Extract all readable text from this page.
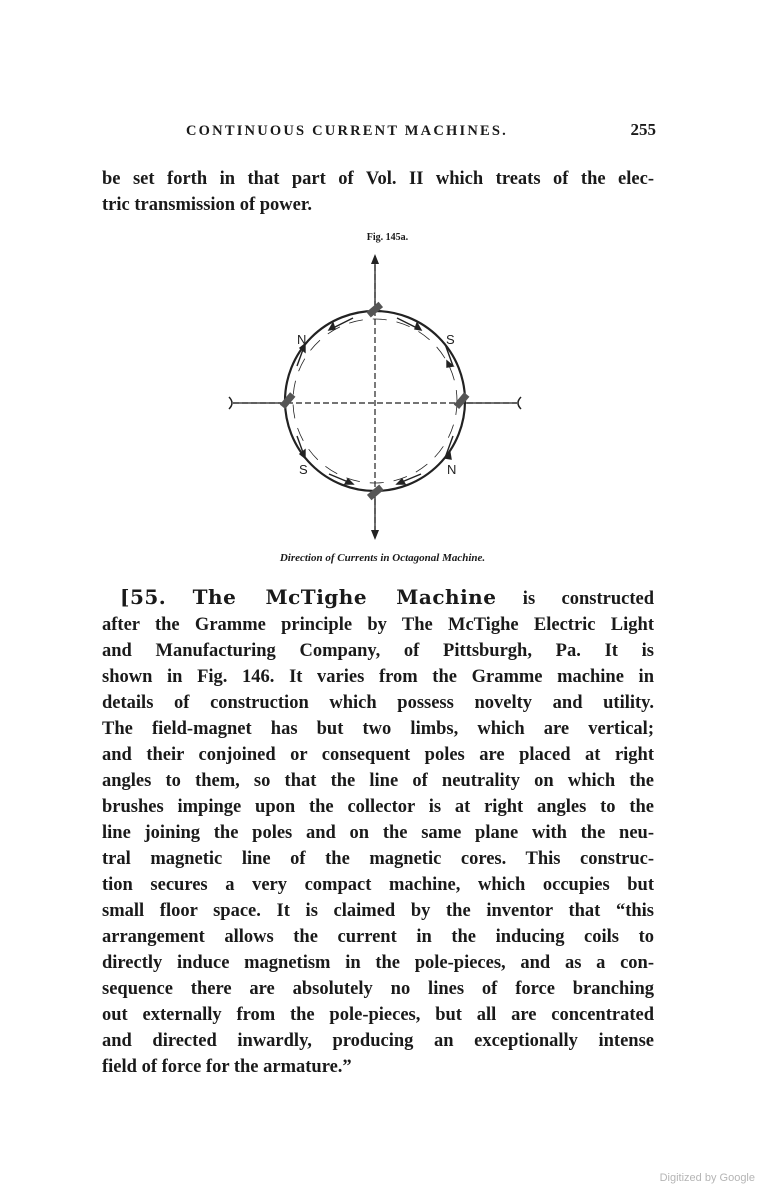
CONTINUOUS CURRENT MACHINES.	255
be set forth in that part of Vol. II which treats of the elec-
tric transmission of power.
Fig. 145a.
N	S
S	N
Direction of Currents in Octagonal Machine.
[55. The McTighe Machine is constructed
after the Gramme principle by The McTighe Electric Light
and Manufacturing Company, of Pittsburgh, Pa. It is
shown in Fig. 146. It varies from the Gramme machine in
details of construction which possess novelty and utility.
The field-magnet has but two limbs, which are vertical;
and their conjoined or consequent poles are placed at right
angles to them, so that the line of neutrality on which the
brushes impinge upon the collector is at right angles to the
line joining the poles and on the same plane with the neu-
tral magnetic line of the magnetic cores. This construc-
tion secures a very compact machine, which occupies but
small floor space. It is claimed by the inventor that “this
arrangement allows the current in the inducing coils to
directly induce magnetism in the pole-pieces, and as a con-
sequence there are absolutely no lines of force branching
out externally from the pole-pieces, but all are concentrated
and directed inwardly, producing an exceptionally intense
field of force for the armature.”
Digitized by Google
